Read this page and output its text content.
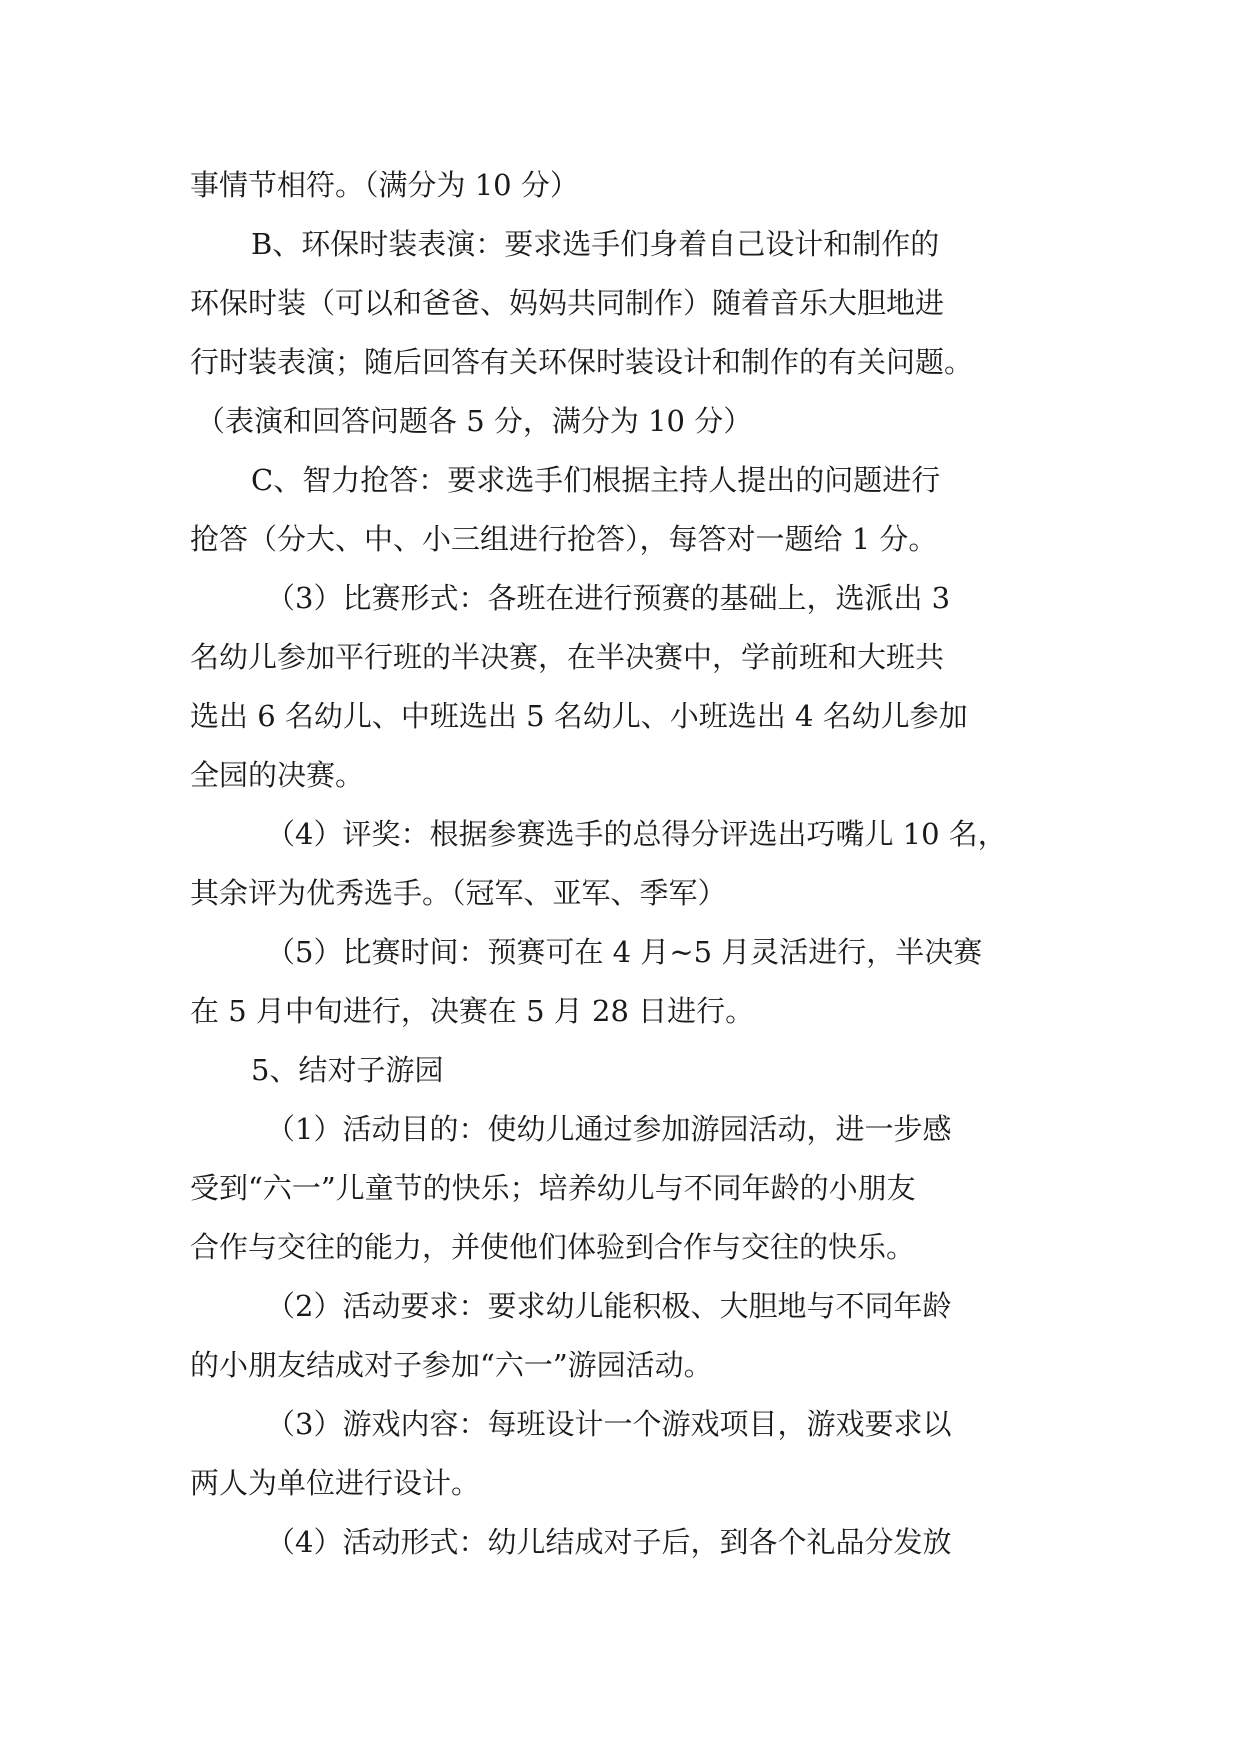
事情节相符。（满分为 10 分）
B、环保时装表演：要求选手们身着自己设计和制作的
环保时装（可以和爸爸、妈妈共同制作）随着音乐大胆地进
行时装表演；随后回答有关环保时装设计和制作的有关问题。
（表演和回答问题各 5 分，满分为 10 分）
C、智力抢答：要求选手们根据主持人提出的问题进行
抢答（分大、中、小三组进行抢答），每答对一题给 1 分。
（3）比赛形式：各班在进行预赛的基础上，选派出 3
名幼儿参加平行班的半决赛，在半决赛中，学前班和大班共
选出 6 名幼儿、中班选出 5 名幼儿、小班选出 4 名幼儿参加
全园的决赛。
（4）评奖：根据参赛选手的总得分评选出巧嘴儿 10 名，
其余评为优秀选手。（冠军、亚军、季军）
（5）比赛时间：预赛可在 4 月~5 月灵活进行，半决赛
在 5 月中旬进行，决赛在 5 月 28 日进行。
5、结对子游园
（1）活动目的：使幼儿通过参加游园活动，进一步感
受到“六一”儿童节的快乐；培养幼儿与不同年龄的小朋友
合作与交往的能力，并使他们体验到合作与交往的快乐。
（2）活动要求：要求幼儿能积极、大胆地与不同年龄
的小朋友结成对子参加“六一”游园活动。
（3）游戏内容：每班设计一个游戏项目，游戏要求以
两人为单位进行设计。
（4）活动形式：幼儿结成对子后，到各个礼品分发放
